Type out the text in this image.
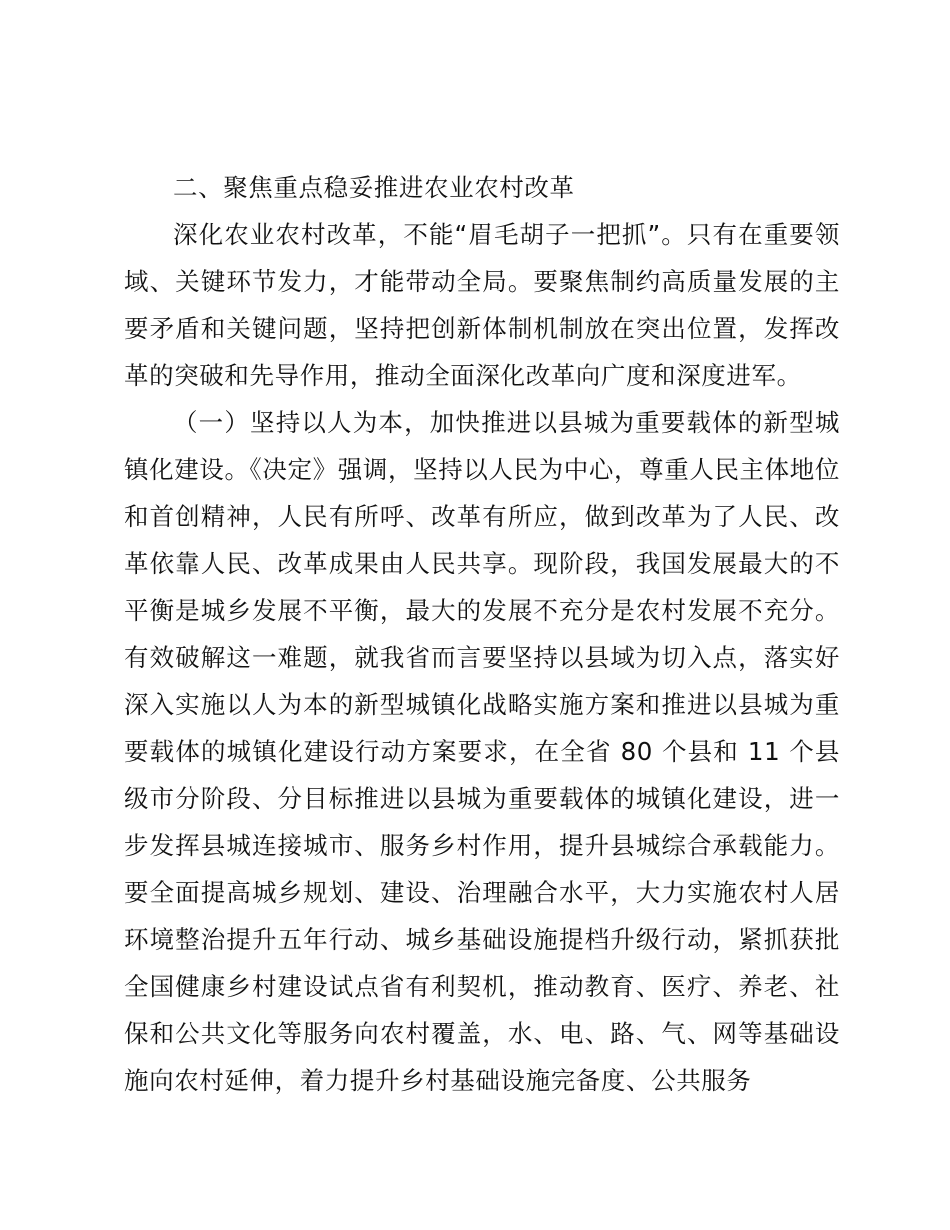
二、聚焦重点稳妥推进农业农村改革

深化农业农村改革，不能“眉毛胡子一把抓”。只有在重要领域、关键环节发力，才能带动全局。要聚焦制约高质量发展的主要矛盾和关键问题，坚持把创新体制机制放在突出位置，发挥改革的突破和先导作用，推动全面深化改革向广度和深度进军。

（一）坚持以人为本，加快推进以县城为重要载体的新型城镇化建设。《决定》强调，坚持以人民为中心，尊重人民主体地位和首创精神，人民有所呼、改革有所应，做到改革为了人民、改革依靠人民、改革成果由人民共享。现阶段，我国发展最大的不平衡是城乡发展不平衡，最大的发展不充分是农村发展不充分。有效破解这一难题，就我省而言要坚持以县域为切入点，落实好深入实施以人为本的新型城镇化战略实施方案和推进以县城为重要载体的城镇化建设行动方案要求，在全省 80 个县和 11 个县级市分阶段、分目标推进以县城为重要载体的城镇化建设，进一步发挥县城连接城市、服务乡村作用，提升县城综合承载能力。要全面提高城乡规划、建设、治理融合水平，大力实施农村人居环境整治提升五年行动、城乡基础设施提档升级行动，紧抓获批全国健康乡村建设试点省有利契机，推动教育、医疗、养老、社保和公共文化等服务向农村覆盖，水、电、路、气、网等基础设施向农村延伸，着力提升乡村基础设施完备度、公共服务
